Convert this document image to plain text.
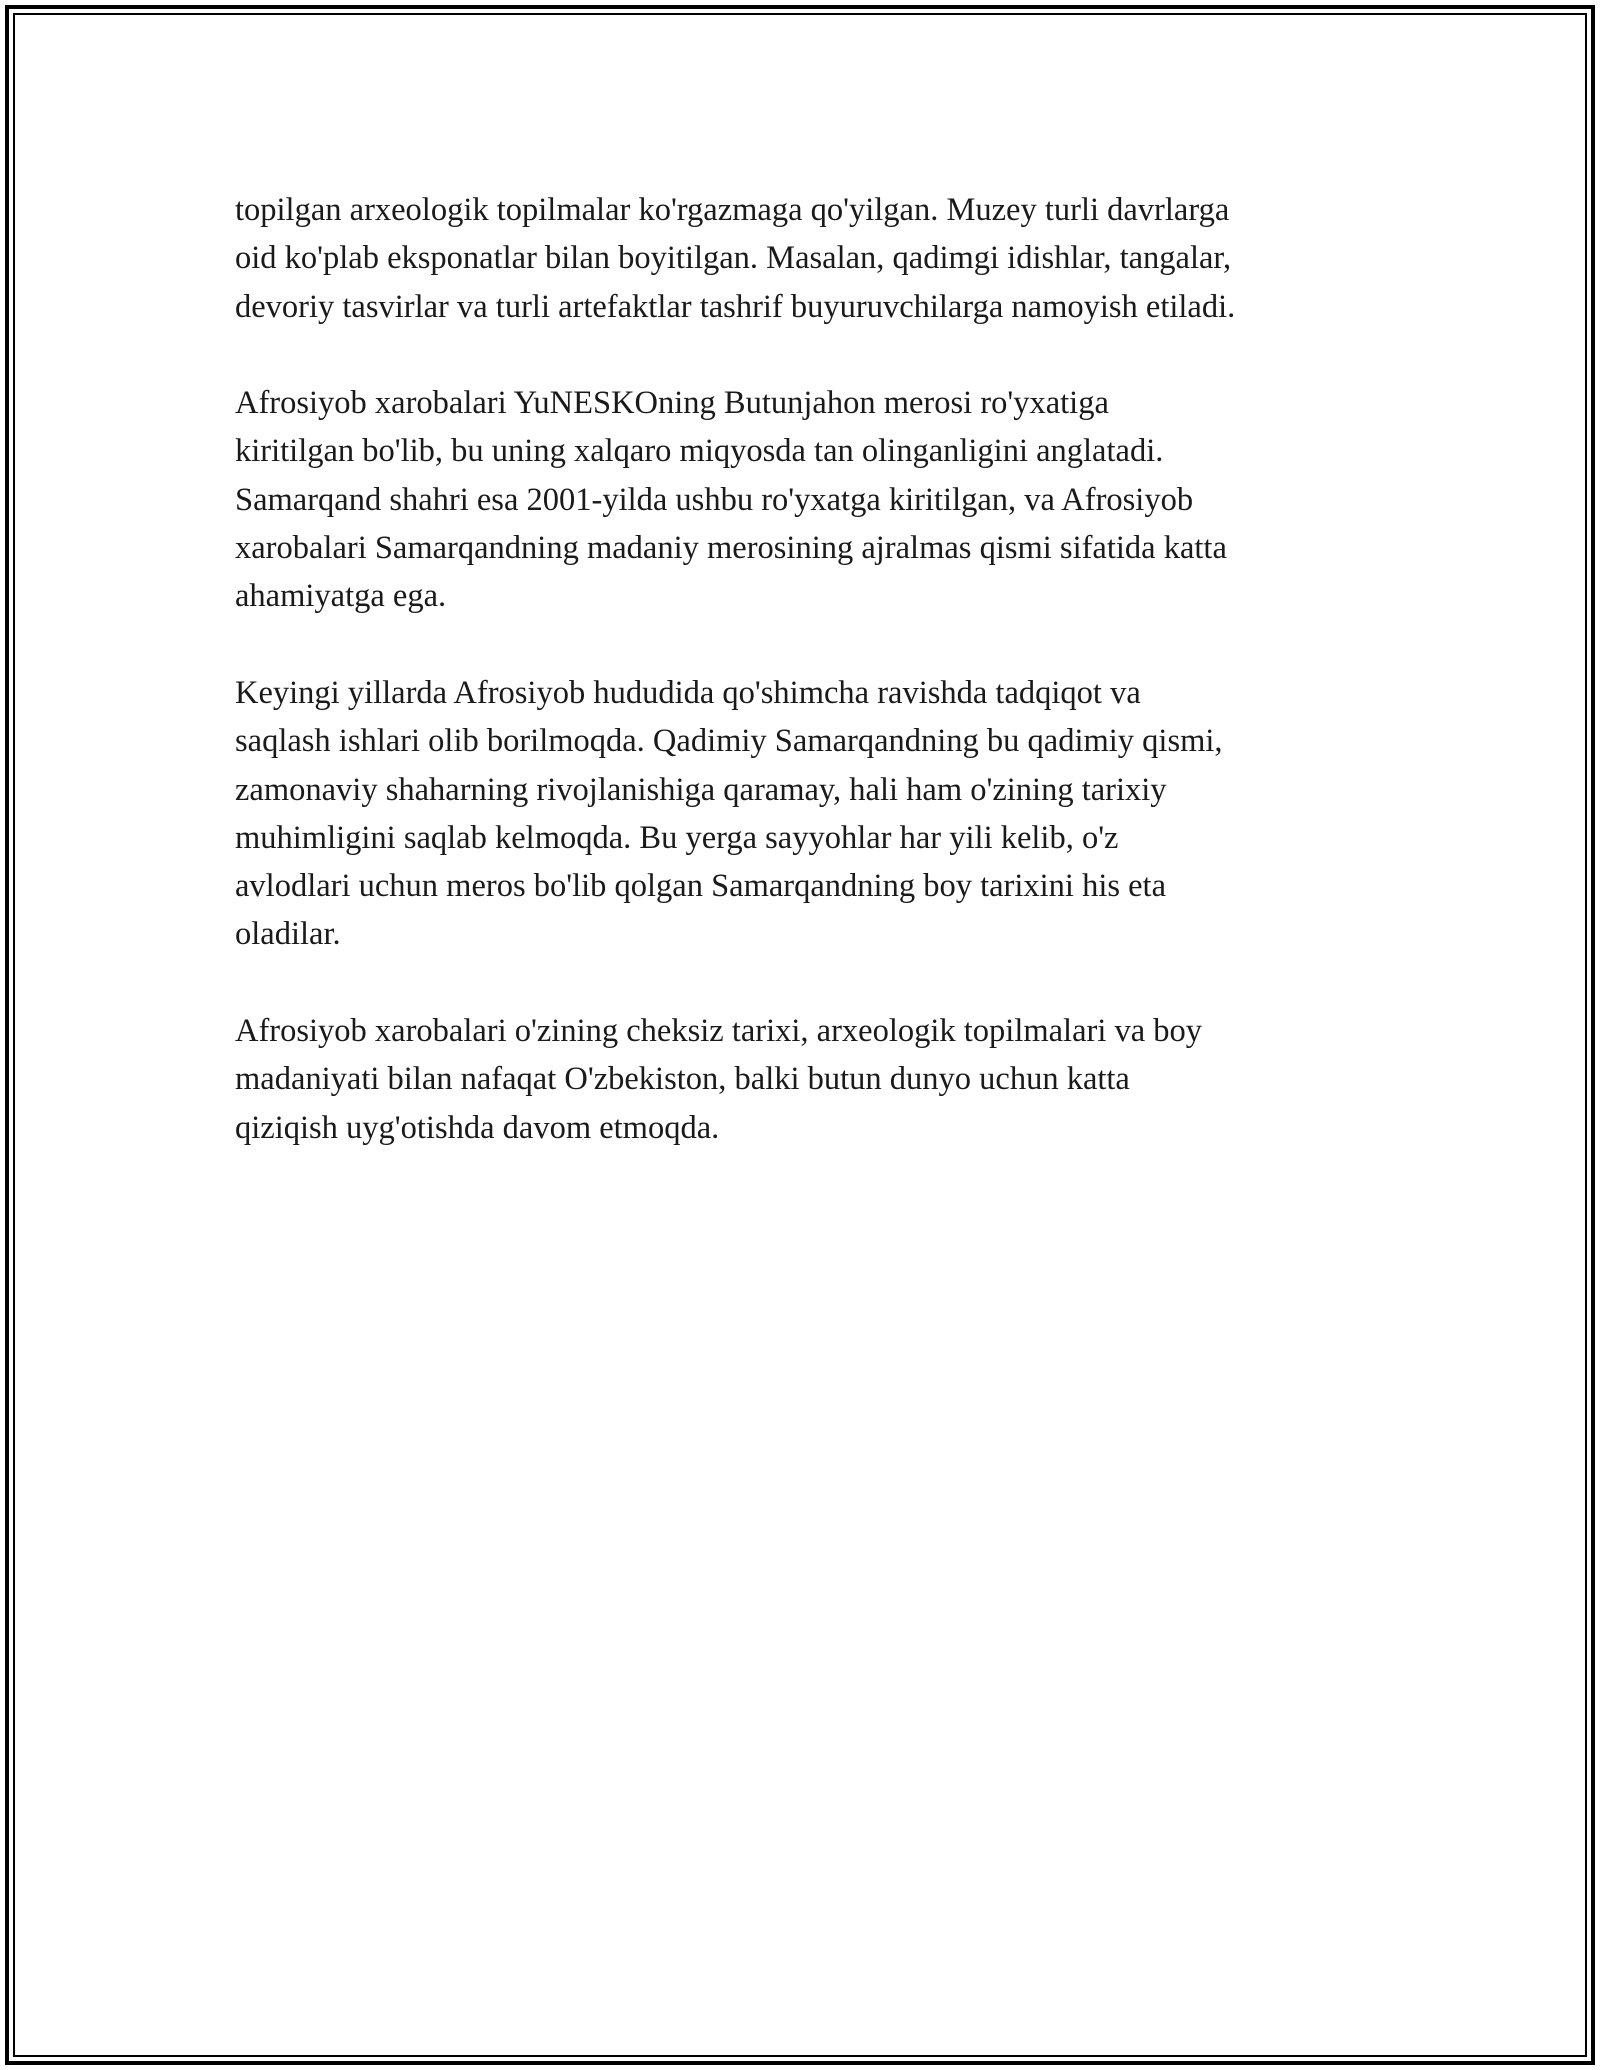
topilgan arxeologik topilmalar ko'rgazmaga qo'yilgan. Muzey turli davrlarga
oid ko'plab eksponatlar bilan boyitilgan. Masalan, qadimgi idishlar, tangalar,
devoriy tasvirlar va turli artefaktlar tashrif buyuruvchilarga namoyish etiladi.

Afrosiyob xarobalari YuNESKOning Butunjahon merosi ro'yxatiga
kiritilgan bo'lib, bu uning xalqaro miqyosda tan olinganligini anglatadi.
Samarqand shahri esa 2001-yilda ushbu ro'yxatga kiritilgan, va Afrosiyob
xarobalari Samarqandning madaniy merosining ajralmas qismi sifatida katta
ahamiyatga ega.

Keyingi yillarda Afrosiyob hududida qo'shimcha ravishda tadqiqot va
saqlash ishlari olib borilmoqda. Qadimiy Samarqandning bu qadimiy qismi,
zamonaviy shaharning rivojlanishiga qaramay, hali ham o'zining tarixiy
muhimligini saqlab kelmoqda. Bu yerga sayyohlar har yili kelib, o'z
avlodlari uchun meros bo'lib qolgan Samarqandning boy tarixini his eta
oladilar.

Afrosiyob xarobalari o'zining cheksiz tarixi, arxeologik topilmalari va boy
madaniyati bilan nafaqat O'zbekiston, balki butun dunyo uchun katta
qiziqish uyg'otishda davom etmoqda.
